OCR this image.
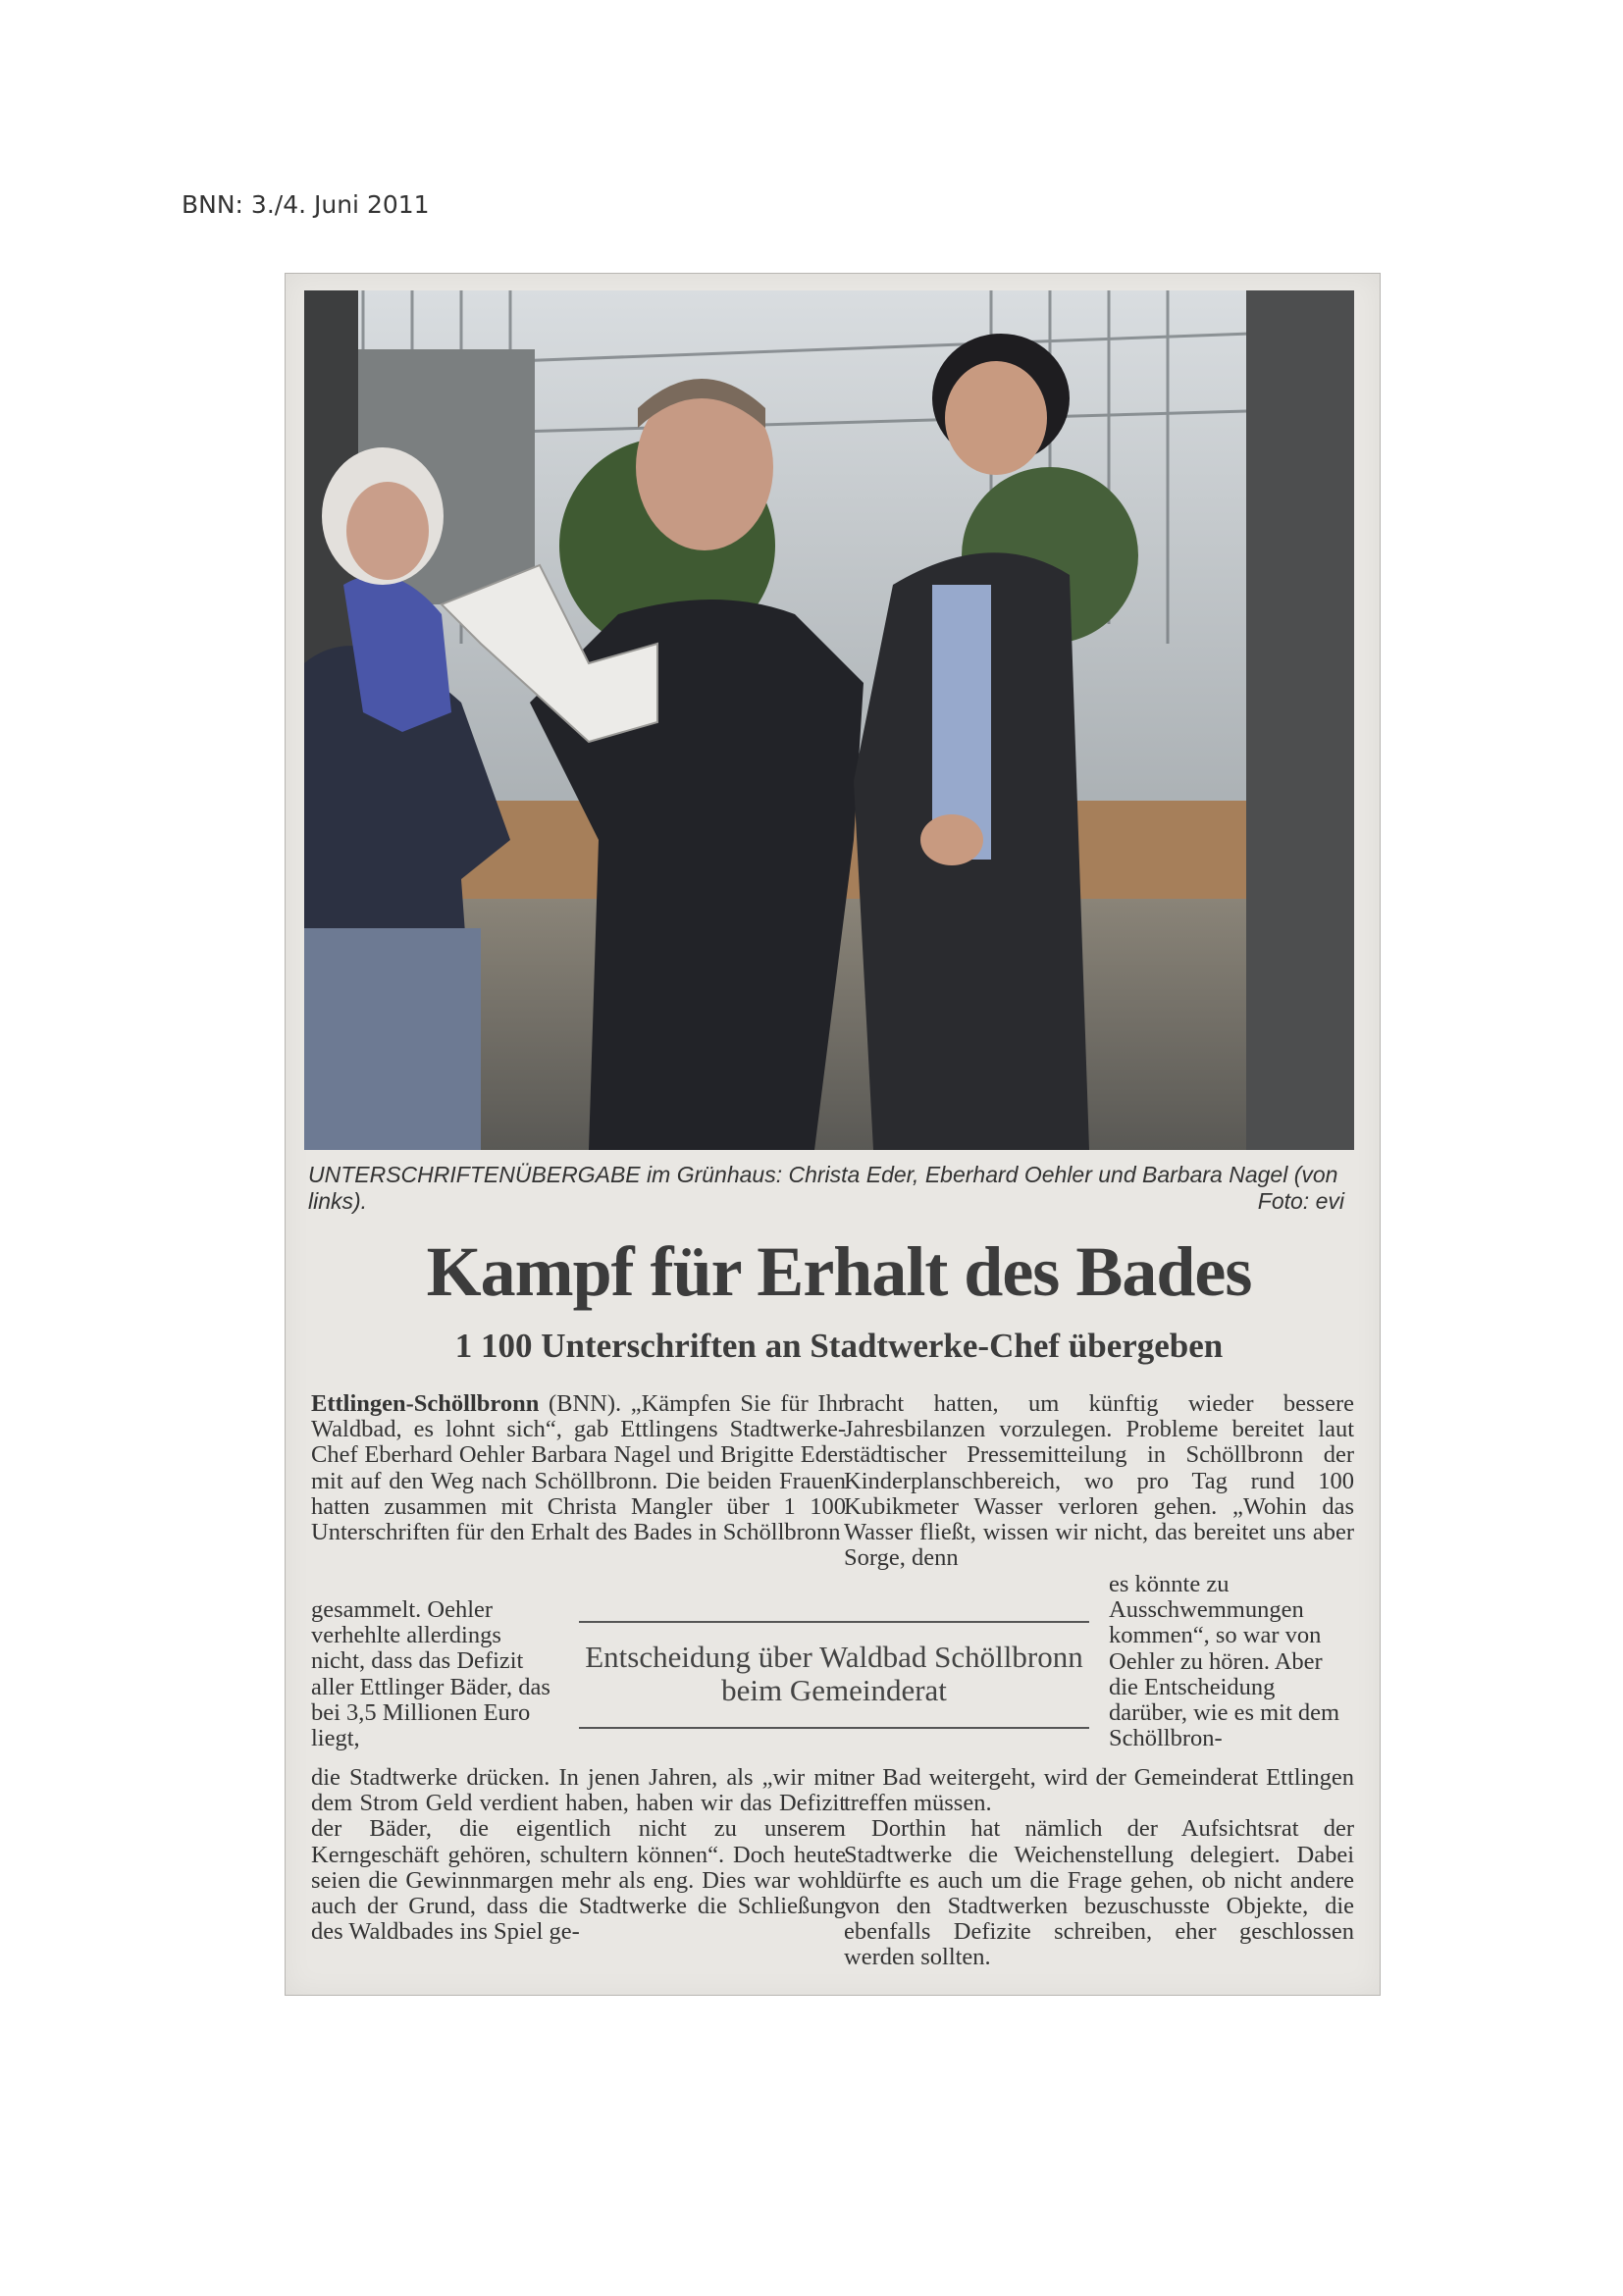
BNN: 3./4. Juni 2011
UNTERSCHRIFTENÜBERGABE im Grünhaus: Christa Eder, Eberhard Oehler und Barbara Nagel (von links).	Foto: evi
Kampf für Erhalt des Bades
1 100 Unterschriften an Stadtwerke-Chef übergeben

Ettlingen-Schöllbronn (BNN). „Kämpfen Sie für Ihr Waldbad, es lohnt sich“, gab Ettlingens Stadtwerke-Chef Eberhard Oehler Barbara Nagel und Brigitte Eder mit auf den Weg nach Schöllbronn. Die beiden Frauen hatten zusammen mit Christa Mangler über 1 100 Unterschriften für den Erhalt des Bades in Schöllbronn

gesammelt. Oehler verhehlte allerdings nicht, dass das Defizit aller Ettlinger Bäder, das bei 3,5 Millionen Euro liegt,

Entscheidung über Waldbad Schöllbronn beim Gemeinderat

die Stadtwerke drücken. In jenen Jahren, als „wir mit dem Strom Geld verdient haben, haben wir das Defizit der Bäder, die eigentlich nicht zu unserem Kerngeschäft gehören, schultern können“. Doch heute seien die Gewinnmargen mehr als eng. Dies war wohl auch der Grund, dass die Stadtwerke die Schließung des Waldbades ins Spiel ge-

bracht hatten, um künftig wieder bessere Jahresbilanzen vorzulegen. Probleme bereitet laut städtischer Pressemitteilung in Schöllbronn der Kinderplanschbereich, wo pro Tag rund 100 Kubikmeter Wasser verloren gehen. „Wohin das Wasser fließt, wissen wir nicht, das bereitet uns aber Sorge, denn

es könnte zu Ausschwemmungen kommen“, so war von Oehler zu hören. Aber die Entscheidung darüber, wie es mit dem Schöllbron-

ner Bad weitergeht, wird der Gemeinderat Ettlingen treffen müssen.

Dorthin hat nämlich der Aufsichtsrat der Stadtwerke die Weichenstellung delegiert. Dabei dürfte es auch um die Frage gehen, ob nicht andere von den Stadtwerken bezuschusste Objekte, die ebenfalls Defizite schreiben, eher geschlossen werden sollten.
